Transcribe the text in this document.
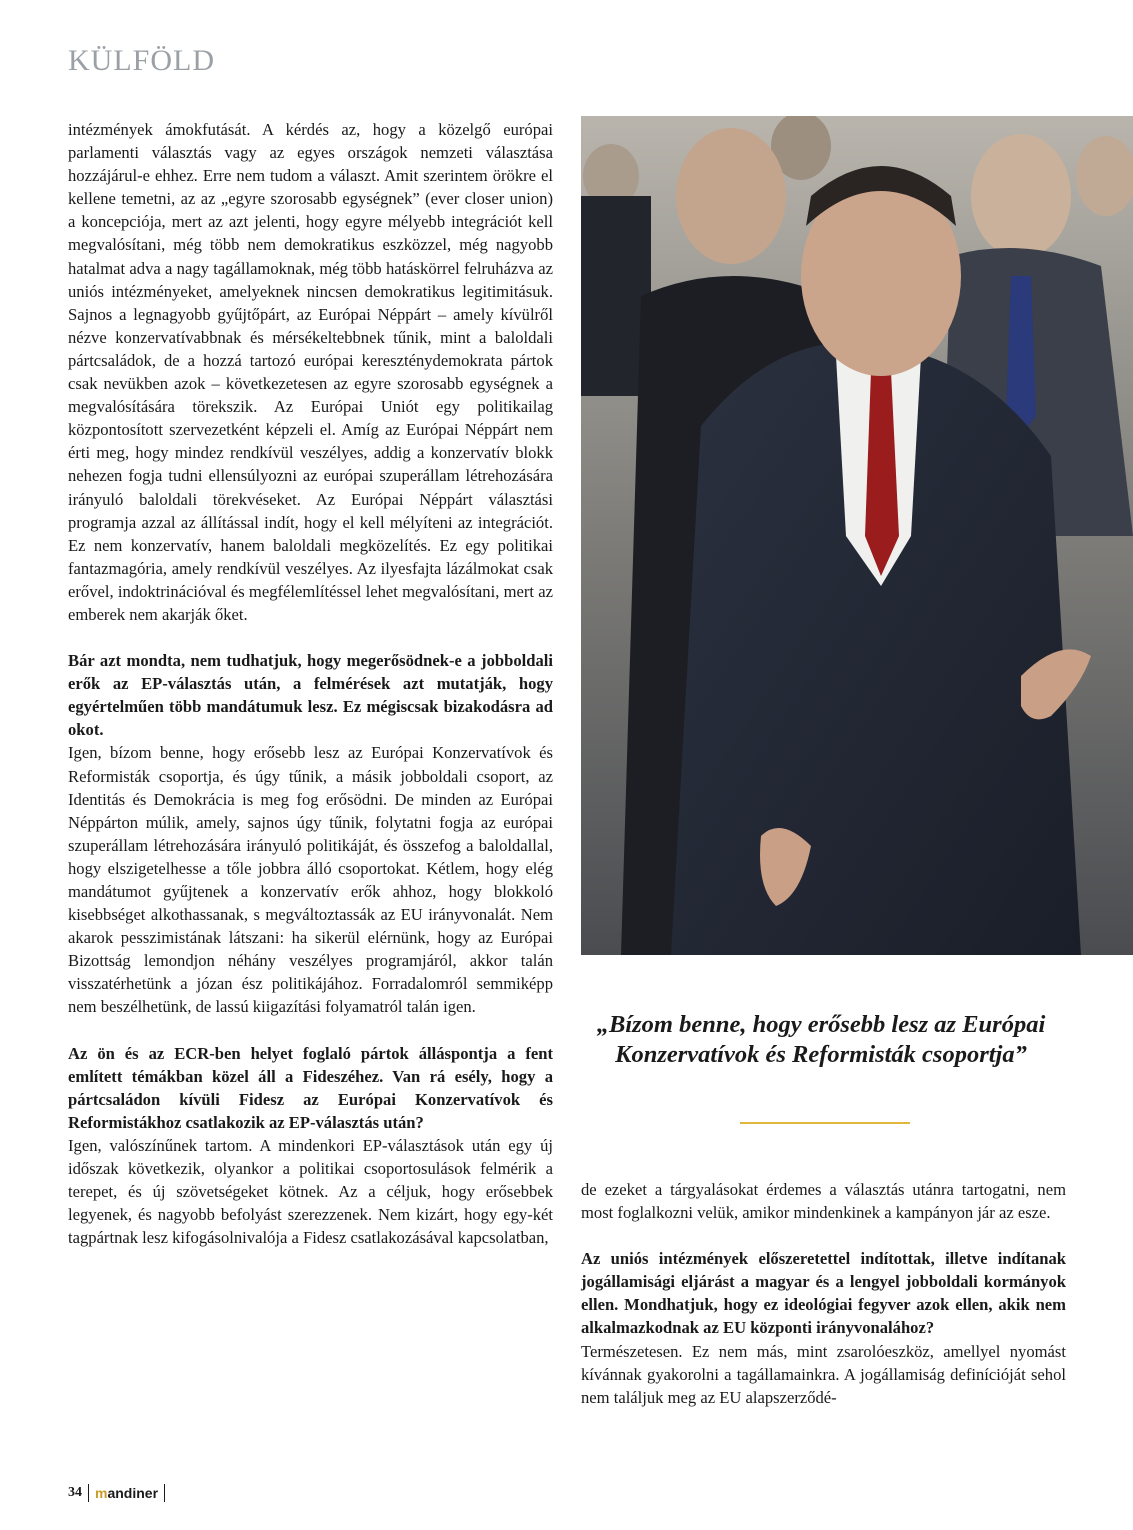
KÜLFÖLD

intézmények ámokfutását. A kérdés az, hogy a közelgő európai parlamenti választás vagy az egyes országok nemzeti választása hozzájárul-e ehhez. Erre nem tudom a választ. Amit szerintem örökre el kellene temetni, az az „egyre szorosabb egységnek” (ever closer union) a koncepciója, mert az azt jelenti, hogy egyre mélyebb integrációt kell megvalósítani, még több nem demokratikus eszközzel, még nagyobb hatalmat adva a nagy tagállamoknak, még több hatáskörrel felruházva az uniós intézményeket, amelyeknek nincsen demokratikus legitimitásuk. Sajnos a legnagyobb gyűjtőpárt, az Európai Néppárt – amely kívülről nézve konzervatívabbnak és mérsékeltebbnek tűnik, mint a baloldali pártcsaládok, de a hozzá tartozó európai kereszténydemokrata pártok csak nevükben azok – következetesen az egyre szorosabb egységnek a megvalósítására törekszik. Az Európai Uniót egy politikailag központosított szervezetként képzeli el. Amíg az Európai Néppárt nem érti meg, hogy mindez rendkívül veszélyes, addig a konzervatív blokk nehezen fogja tudni ellensúlyozni az európai szuperállam létrehozására irányuló baloldali törekvéseket. Az Európai Néppárt választási programja azzal az állítással indít, hogy el kell mélyíteni az integrációt. Ez nem konzervatív, hanem baloldali megközelítés. Ez egy politikai fantazmagória, amely rendkívül veszélyes. Az ilyesfajta lázálmokat csak erővel, indoktrinációval és megfélemlítéssel lehet megvalósítani, mert az emberek nem akarják őket.

Bár azt mondta, nem tudhatjuk, hogy megerősödnek-e a jobboldali erők az EP-választás után, a felmérések azt mutatják, hogy egyértelműen több mandátumuk lesz. Ez mégiscsak bizakodásra ad okot.

Igen, bízom benne, hogy erősebb lesz az Európai Konzervatívok és Reformisták csoportja, és úgy tűnik, a másik jobboldali csoport, az Identitás és Demokrácia is meg fog erősödni. De minden az Európai Néppárton múlik, amely, sajnos úgy tűnik, folytatni fogja az európai szuperállam létrehozására irányuló politikáját, és összefog a baloldallal, hogy elszigetelhesse a tőle jobbra álló csoportokat. Kétlem, hogy elég mandátumot gyűjtenek a konzervatív erők ahhoz, hogy blokkoló kisebbséget alkothassanak, s megváltoztassák az EU irányvonalát. Nem akarok pesszimistának látszani: ha sikerül elérnünk, hogy az Európai Bizottság lemondjon néhány veszélyes programjáról, akkor talán visszatérhetünk a józan ész politikájához. Forradalomról semmiképp nem beszélhetünk, de lassú kiigazítási folyamatról talán igen.

Az ön és az ECR-ben helyet foglaló pártok álláspontja a fent említett témákban közel áll a Fideszéhez. Van rá esély, hogy a pártcsaládon kívüli Fidesz az Európai Konzervatívok és Reformistákhoz csatlakozik az EP-választás után?

Igen, valószínűnek tartom. A mindenkori EP-választások után egy új időszak következik, olyankor a politikai csoportosulások felmérik a terepet, és új szövetségeket kötnek. Az a céljuk, hogy erősebbek legyenek, és nagyobb befolyást szerezzenek. Nem kizárt, hogy egy-két tagpártnak lesz kifogásolnivalója a Fidesz csatlakozásával kapcsolatban,

„Bízom benne, hogy erősebb lesz az Európai Konzervatívok és Reformisták csoportja”

de ezeket a tárgyalásokat érdemes a választás utánra tartogatni, nem most foglalkozni velük, amikor mindenkinek a kampányon jár az esze.

Az uniós intézmények előszeretettel indítottak, illetve indítanak jogállamisági eljárást a magyar és a lengyel jobboldali kormányok ellen. Mondhatjuk, hogy ez ideológiai fegyver azok ellen, akik nem alkalmazkodnak az EU központi irányvonalához?

Természetesen. Ez nem más, mint zsarolóeszköz, amellyel nyomást kívánnak gyakorolni a tagállamainkra. A jogállamiság definícióját sehol nem találjuk meg az EU alapszerződé-

34 mandiner
